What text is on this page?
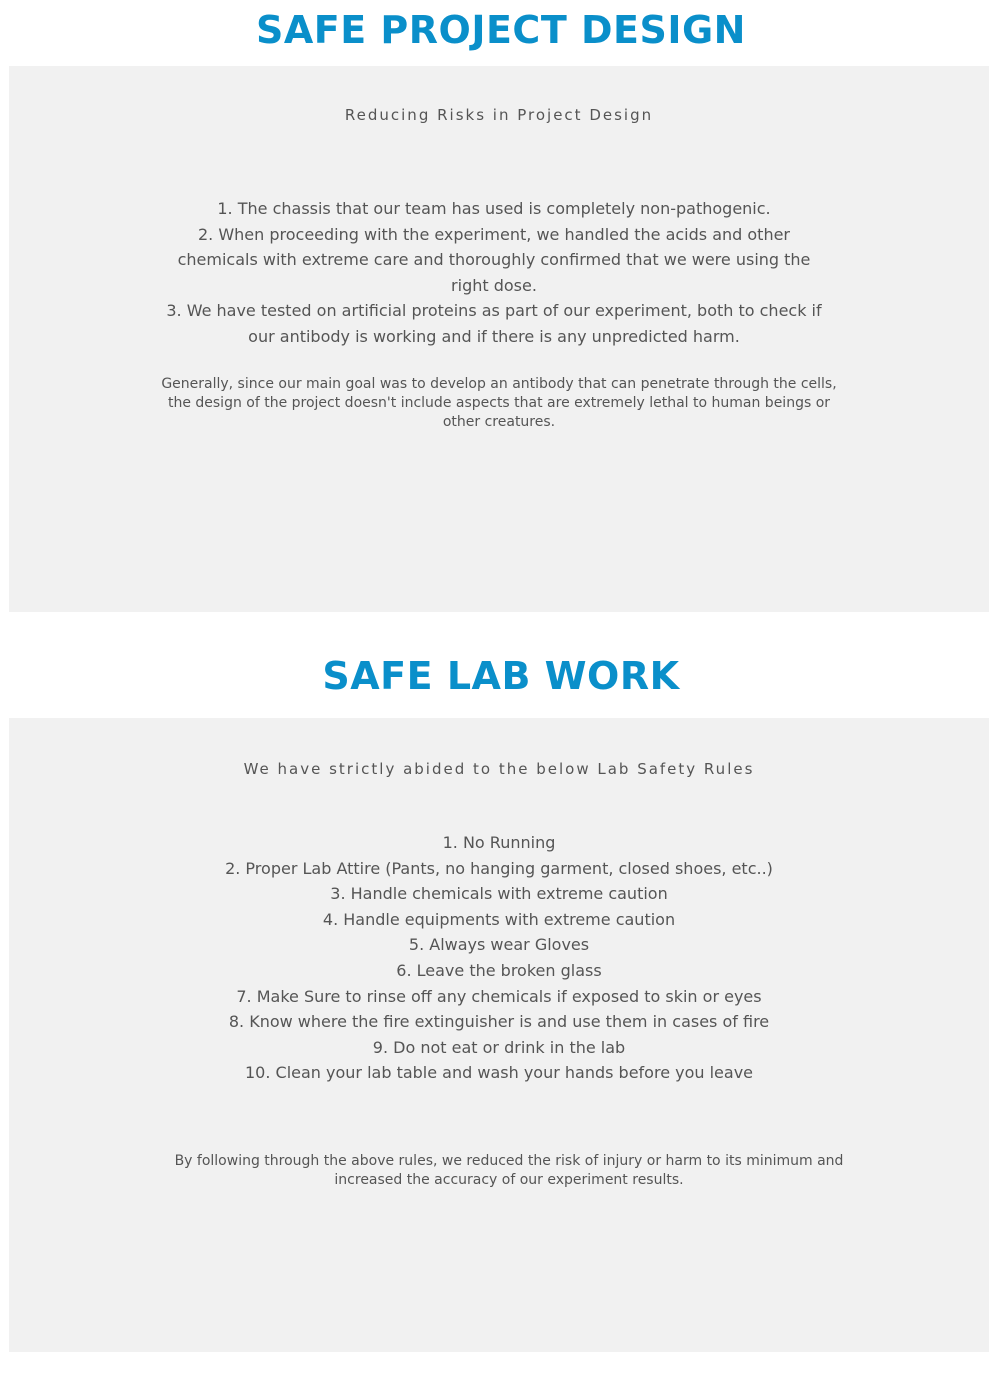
SAFE PROJECT DESIGN

Reducing Risks in Project Design

1. The chassis that our team has used is completely non-pathogenic.
2. When proceeding with the experiment, we handled the acids and other chemicals with extreme care and thoroughly confirmed that we were using the right dose.
3. We have tested on artificial proteins as part of our experiment, both to check if our antibody is working and if there is any unpredicted harm.

Generally, since our main goal was to develop an antibody that can penetrate through the cells, the design of the project doesn't include aspects that are extremely lethal to human beings or other creatures.

SAFE LAB WORK

We have strictly abided to the below Lab Safety Rules

1. No Running
2. Proper Lab Attire (Pants, no hanging garment, closed shoes, etc..)
3. Handle chemicals with extreme caution
4. Handle equipments with extreme caution
5. Always wear Gloves
6. Leave the broken glass
7. Make Sure to rinse off any chemicals if exposed to skin or eyes
8. Know where the fire extinguisher is and use them in cases of fire
9. Do not eat or drink in the lab
10. Clean your lab table and wash your hands before you leave

By following through the above rules, we reduced the risk of injury or harm to its minimum and increased the accuracy of our experiment results.
